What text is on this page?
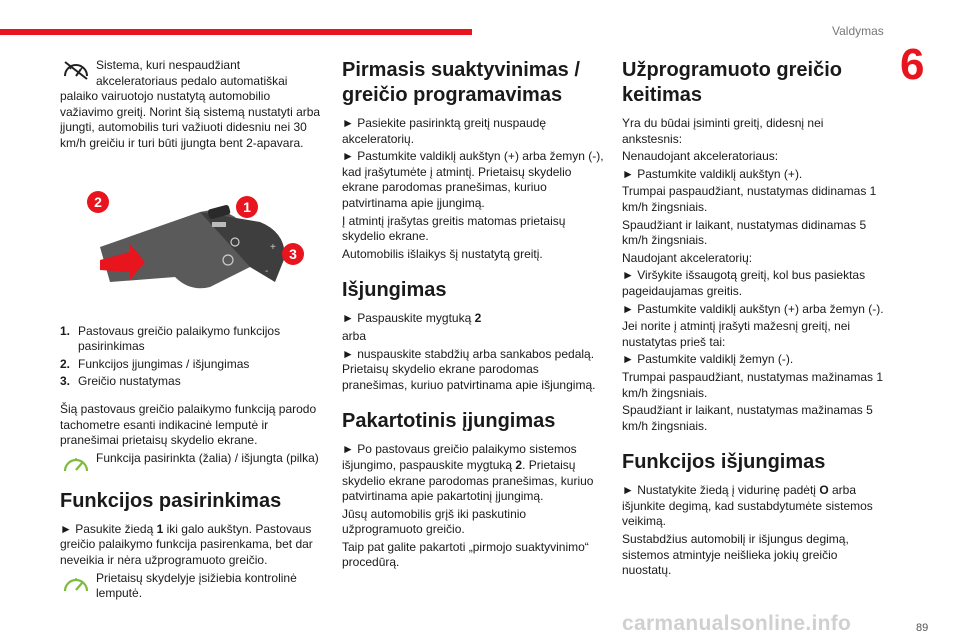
Valdymas
6
Sistema, kuri nespaudžiant akceleratoriaus pedalo automatiškai palaiko vairuotojo nustatytą automobilio važiavimo greitį. Norint šią sistemą nustatyti arba įjungti, automobilis turi važiuoti didesniu nei 30 km/h greičiu ir turi būti įjungta bent 2-apavara.
+
-
2	1
3
1. Pastovaus greičio palaikymo funkcijos pasirinkimas
2. Funkcijos įjungimas / išjungimas
3. Greičio nustatymas

Šią pastovaus greičio palaikymo funkciją parodo tachometre esanti indikacinė lemputė ir pranešimai prietaisų skydelio ekrane.

Funkcija pasirinkta (žalia) / išjungta (pilka)
Funkcijos pasirinkimas

► Pasukite žiedą 1 iki galo aukštyn. Pastovaus greičio palaikymo funkcija pasirenkama, bet dar neveikia ir nėra užprogramuoto greičio.

Prietaisų skydelyje įsižiebia kontrolinė lemputė.
Pirmasis suaktyvinimas / greičio programavimas

► Pasiekite pasirinktą greitį nuspaudę akceleratorių.

► Pastumkite valdiklį aukštyn (+) arba žemyn (-), kad įrašytumėte į atmintį. Prietaisų skydelio ekrane parodomas pranešimas, kuriuo patvirtinama apie įjungimą.

Į atmintį įrašytas greitis matomas prietaisų skydelio ekrane.

Automobilis išlaikys šį nustatytą greitį.

Išjungimas

► Paspauskite mygtuką 2

arba

► nuspauskite stabdžių arba sankabos pedalą. Prietaisų skydelio ekrane parodomas pranešimas, kuriuo patvirtinama apie išjungimą.

Pakartotinis įjungimas

► Po pastovaus greičio palaikymo sistemos išjungimo, paspauskite mygtuką 2. Prietaisų skydelio ekrane parodomas pranešimas, kuriuo patvirtinama apie pakartotinį įjungimą.

Jūsų automobilis grįš iki paskutinio užprogramuoto greičio.

Taip pat galite pakartoti „pirmojo suaktyvinimo“ procedūrą.

Užprogramuoto greičio keitimas

Yra du būdai įsiminti greitį, didesnį nei ankstesnis:

Nenaudojant akceleratoriaus:

► Pastumkite valdiklį aukštyn (+).

Trumpai paspaudžiant, nustatymas didinamas 1 km/h žingsniais.

Spaudžiant ir laikant, nustatymas didinamas 5 km/h žingsniais.

Naudojant akceleratorių:

► Viršykite išsaugotą greitį, kol bus pasiektas pageidaujamas greitis.

► Pastumkite valdiklį aukštyn (+) arba žemyn (-).

Jei norite į atmintį įrašyti mažesnį greitį, nei nustatytas prieš tai:

► Pastumkite valdiklį žemyn (-).

Trumpai paspaudžiant, nustatymas mažinamas 1 km/h žingsniais.

Spaudžiant ir laikant, nustatymas mažinamas 5 km/h žingsniais.

Funkcijos išjungimas

► Nustatykite žiedą į vidurinę padėtį O arba išjunkite degimą, kad sustabdytumėte sistemos veikimą.

Sustabdžius automobilį ir išjungus degimą, sistemos atmintyje neišlieka jokių greičio nuostatų.

carmanualsonline.info	89
